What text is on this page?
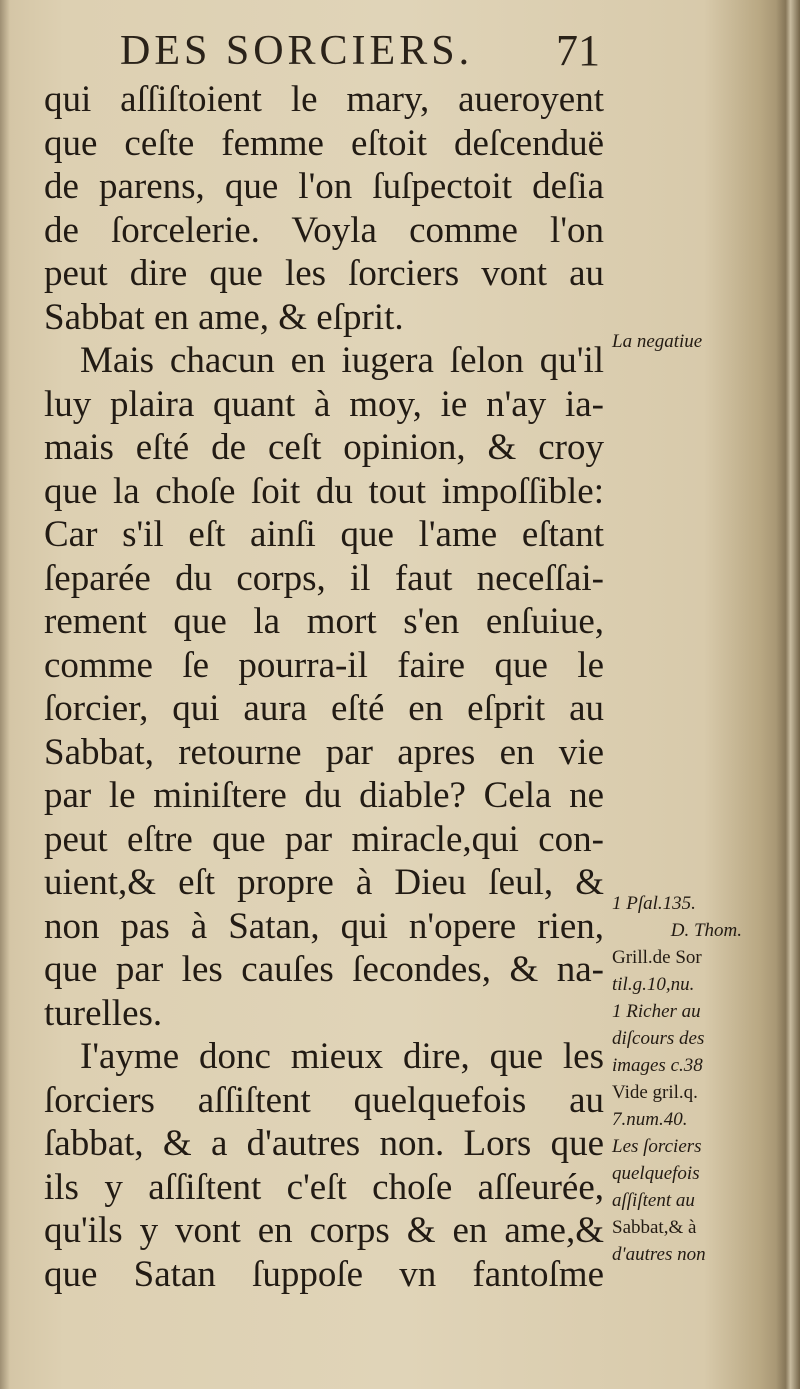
DES SORCIERS. 71
qui aſſiſtoient le mary, aueroyent
que ceſte femme eſtoit deſcenduë
de parens, que l'on ſuſpectoit deſia
de ſorcelerie. Voyla comme l'on
peut dire que les ſorciers vont au
Sabbat en ame, & eſprit.
Mais chacun en iugera ſelon qu'il
luy plaira quant à moy, ie n'ay ia-
mais eſté de ceſt opinion, & croy
que la choſe ſoit du tout impoſſible:
Car s'il eſt ainſi que l'ame eſtant
ſeparée du corps, il faut neceſſai-
rement que la mort s'en enſuiue,
comme ſe pourra-il faire que le
ſorcier, qui aura eſté en eſprit au
Sabbat, retourne par apres en vie
par le miniſtere du diable? Cela ne
peut eſtre que par miracle,qui con-
uient,& eſt propre à Dieu ſeul, &
non pas à Satan, qui n'opere rien,
que par les cauſes ſecondes, & na-
turelles.
I'ayme donc mieux dire, que les
ſorciers aſſiſtent quelquefois au
ſabbat, & a d'autres non. Lors que
ils y aſſiſtent c'eſt choſe aſſeurée,
qu'ils y vont en corps & en ame,&
que Satan ſuppoſe vn fantoſme
La negatiue
1 Pſal.135.
D. Thom.
Grill.de Sor
til.g.10,nu.
1 Richer au
diſcours des
images c.38
Vide gril.q.
7.num.40.
Les ſorciers
quelquefois
aſſiſtent au
Sabbat,& à
d'autres non
